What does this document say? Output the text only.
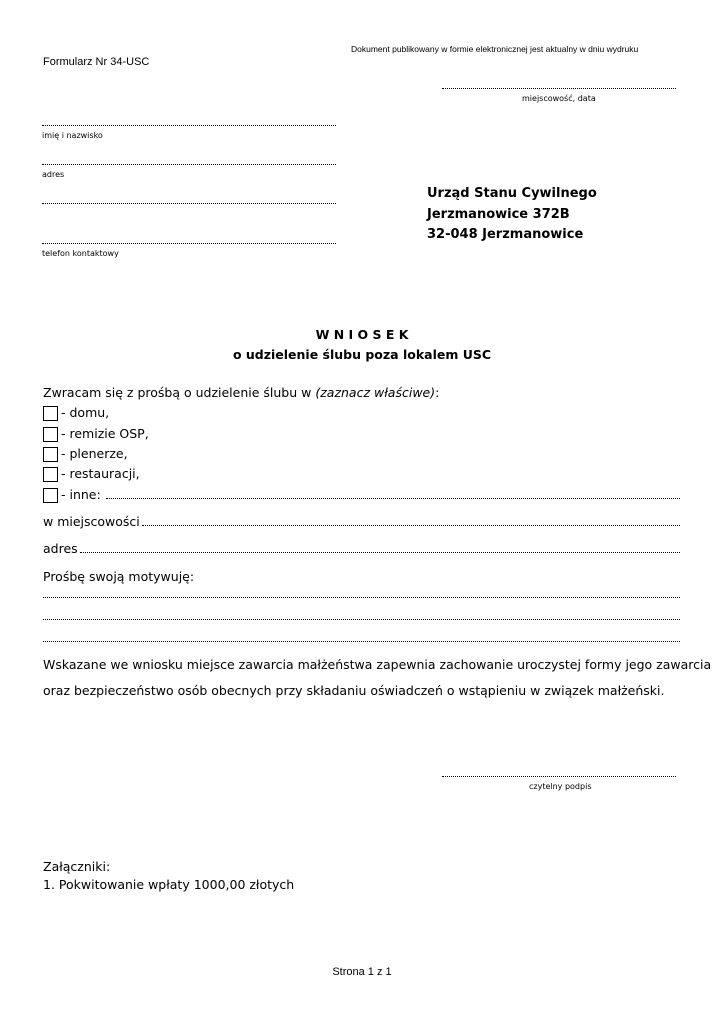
Dokument publikowany w formie elektronicznej jest aktualny w dniu wydruku
Formularz Nr 34-USC
miejscowość, data
imię i nazwisko
adres
telefon kontaktowy
Urząd Stanu Cywilnego
Jerzmanowice 372B
32-048 Jerzmanowice
W N I O S E K
o udzielenie ślubu poza lokalem USC
Zwracam się z prośbą o udzielenie ślubu w (zaznacz właściwe):
- domu,
- remizie OSP,
- plenerze,
- restauracji,
- inne:
w miejscowości
adres
Prośbę swoją motywuję:
Wskazane we wniosku miejsce zawarcia małżeństwa zapewnia zachowanie uroczystej formy jego zawarcia
oraz bezpieczeństwo osób obecnych przy składaniu oświadczeń o wstąpieniu w związek małżeński.
czytelny podpis
Załączniki:
1. Pokwitowanie wpłaty 1000,00 złotych
Strona 1 z 1
